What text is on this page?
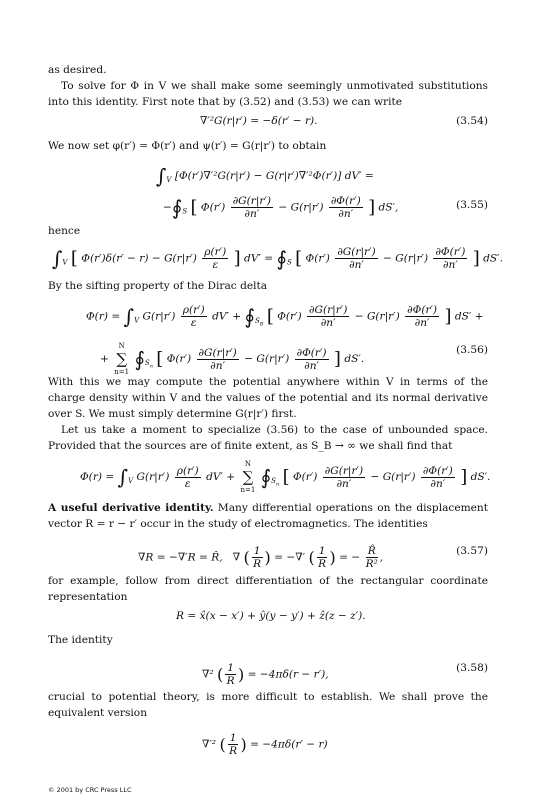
as desired.
To solve for Φ in V we shall make some seemingly unmotivated substitutions into this identity. First note that by (3.52) and (3.53) we can write
∇′²G(r|r′) = −δ(r′ − r).	(3.54)
We now set φ(r′) = Φ(r′) and ψ(r′) = G(r|r′) to obtain
$\int_V$ [Φ(r′)∇′²G(r|r′) − G(r|r′)∇′²Φ(r′)] dV′ =
$-∮_S$ [ $\Phi(r') \frac{\partial G(r|r')}{\partial n'} - G(r|r') \frac{\partial\Phi(r')}{\partial n'}$ ] dS′,	(3.55)
hence
$\int_V$ [ $\Phi(r')\delta(r' - r) - G(r|r') \frac{\rho(r')}{\varepsilon}$ ] $dV' = ∮_S$ [ $\Phi(r') \frac{\partial G(r|r')}{\partial n'} - G(r|r') \frac{\partial\Phi(r')}{\partial n'}$ ] dS′.
By the sifting property of the Dirac delta
$\Phi(r) = \int_V$ $G(r|r') \frac{\rho(r')}{\varepsilon} dV'$ + $∮_{S_B}$ [ $\Phi(r') \frac{\partial G(r|r')}{\partial n'} - G(r|r') \frac{\partial\Phi(r')}{\partial n'}$ ] dS′ +
+
N
∑
n=1
$∮_{S_n}$ [ $\Phi(r') \frac{\partial G(r|r')}{\partial n'} - G(r|r') \frac{\partial\Phi(r')}{\partial n'}$ ] dS′.
(3.56)
With this we may compute the potential anywhere within V in terms of the charge density within V and the values of the potential and its normal derivative over S. We must simply determine G(r|r′) first.
Let us take a moment to specialize (3.56) to the case of unbounded space. Provided that the sources are of finite extent, as S_B → ∞ we shall find that
$\Phi(r) = \int_V$ $G(r|r') \frac{\rho(r')}{\varepsilon} dV'$ +
N
∑
n=1
$∮_{S_n}$ [ $\Phi(r') \frac{\partial G(r|r')}{\partial n'} - G(r|r') \frac{\partial\Phi(r')}{\partial n'}$ ] dS′.
A useful derivative identity. Many differential operations on the displacement vector R = r − r′ occur in the study of electromagnetics. The identities
∇R = −∇′R = R̂, ∇ ( $\frac{1}{R}$ ) = −∇′ ( $\frac{1}{R}$ ) = − $\frac{R̂}{\text{R²}}$ ,
(3.57)
for example, follow from direct differentiation of the rectangular coordinate representation
R = x̂(x − x′) + ŷ(y − y′) + ẑ(z − z′).
The identity
∇² ( $\frac{1}{R}$ ) = −4πδ(r − r′),
(3.58)
crucial to potential theory, is more difficult to establish. We shall prove the equivalent version
∇′² ( $\frac{1}{R}$ ) = −4πδ(r′ − r)
© 2001 by CRC Press LLC
